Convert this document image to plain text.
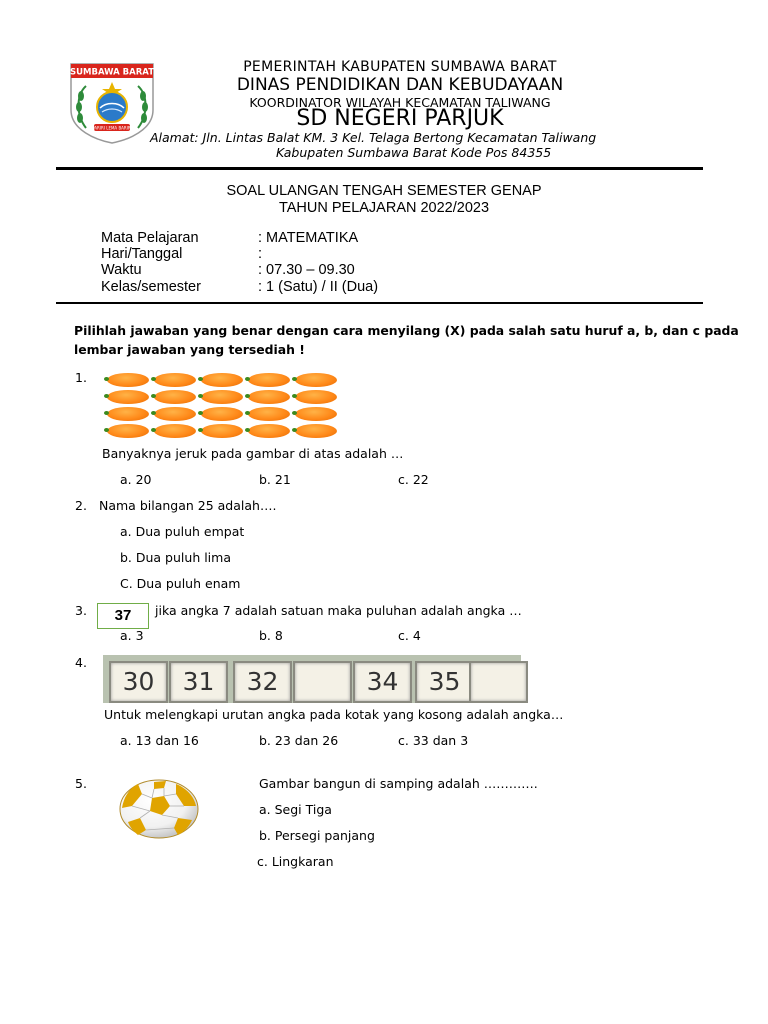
SUMBAWA BARAT
PARIRI LEMA BARIRI
PEMERINTAH KABUPATEN SUMBAWA BARAT
DINAS PENDIDIKAN DAN KEBUDAYAAN
KOORDINATOR WILAYAH KECAMATAN TALIWANG
SD NEGERI PARJUK
Alamat: Jln. Lintas Balat KM. 3 Kel. Telaga Bertong Kecamatan Taliwang
Kabupaten Sumbawa Barat Kode Pos 84355
SOAL ULANGAN TENGAH SEMESTER GENAP
TAHUN PELAJARAN 2022/2023
Mata Pelajaran	: MATEMATIKA
Hari/Tanggal	:
Waktu	: 07.30 – 09.30
Kelas/semester	: 1 (Satu) / II (Dua)
Pilihlah jawaban yang benar dengan cara menyilang (X) pada salah satu huruf a, b, dan c pada
lembar jawaban yang tersediah !
1.
Banyaknya jeruk pada gambar di atas adalah …
a. 20	b. 21	c. 22
2. Nama bilangan 25 adalah….
a. Dua puluh empat
b. Dua puluh lima
C. Dua puluh enam
3.	37	jika angka 7 adalah satuan maka puluhan adalah angka …
a. 3	b. 8	c. 4
4.
30	31	32	34	35
Untuk melengkapi urutan angka pada kotak yang kosong adalah angka…
a. 13 dan 16	b. 23 dan 26	c. 33 dan 3
5.	Gambar bangun di samping adalah ………….
a. Segi Tiga
b. Persegi panjang
c. Lingkaran
